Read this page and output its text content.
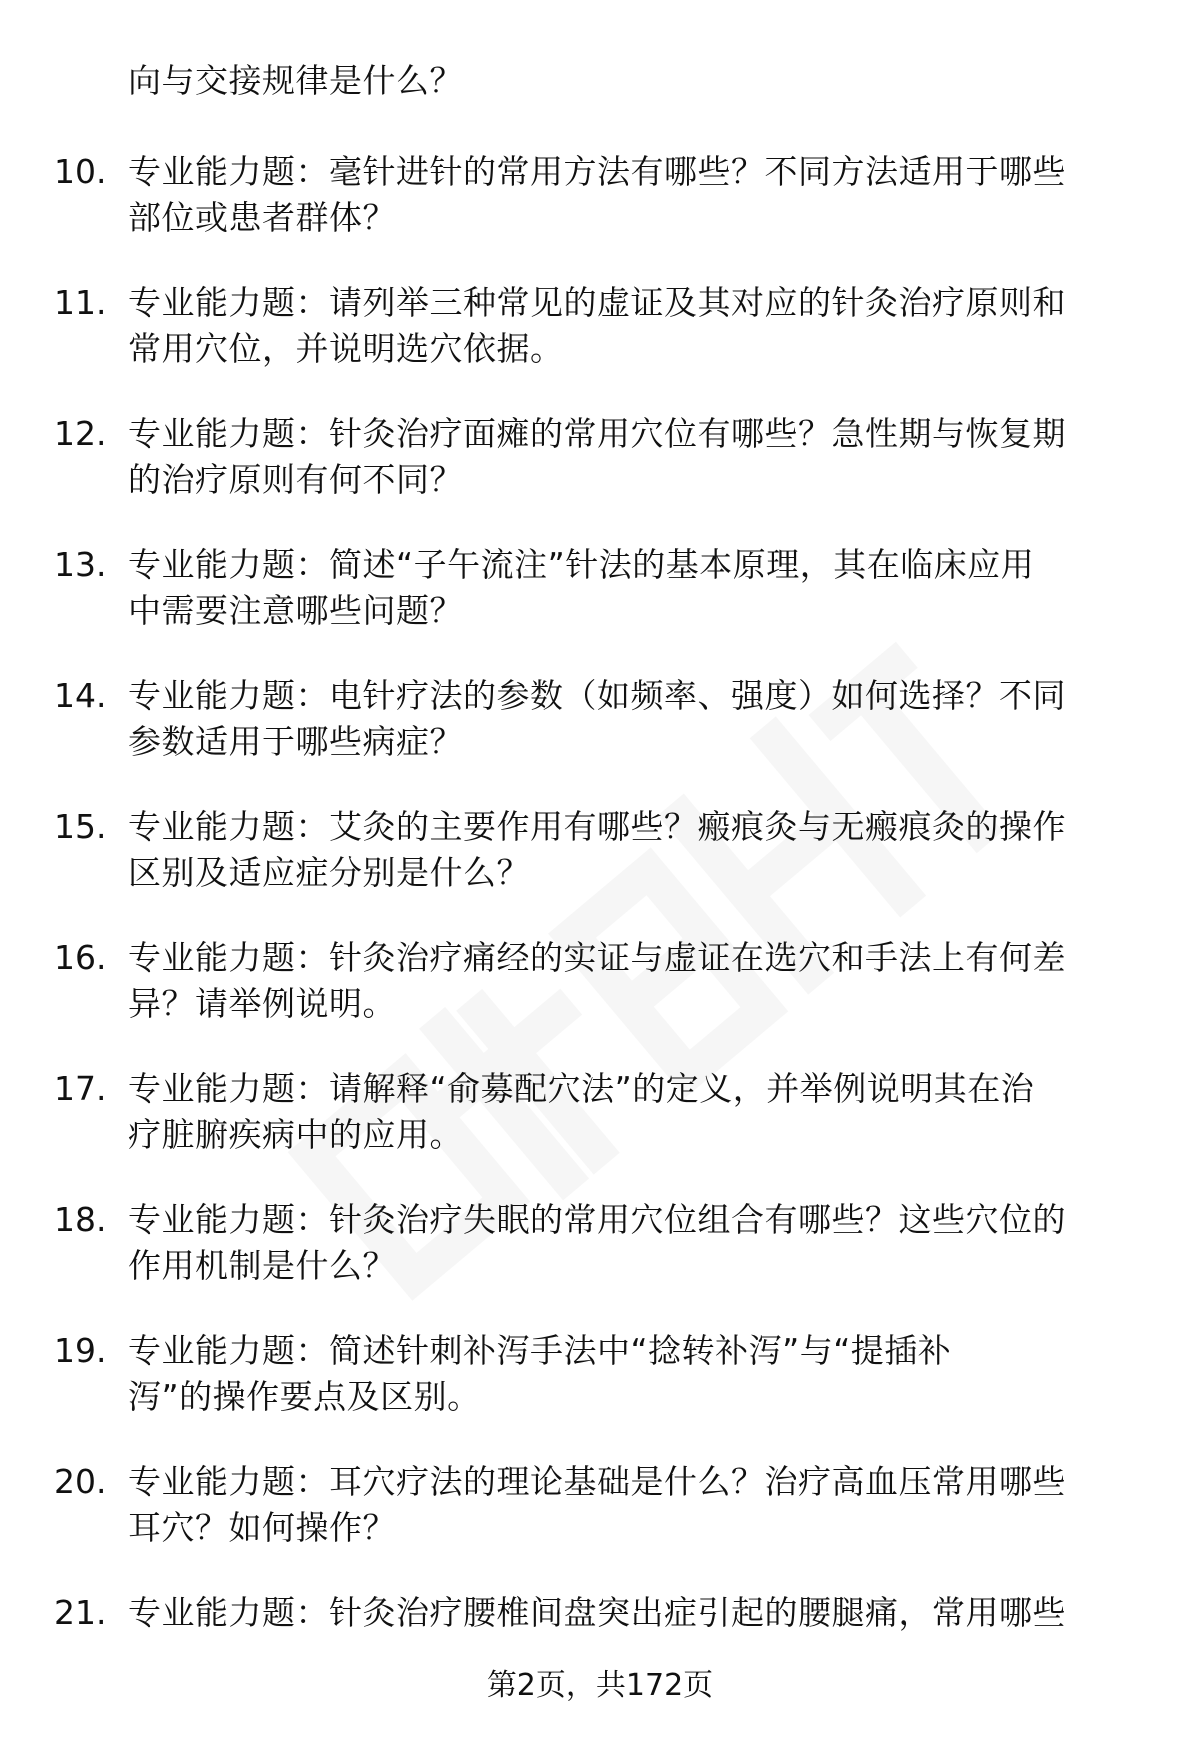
向与交接规律是什么？
10. 专业能力题：毫针进针的常用方法有哪些？不同方法适用于哪些
部位或患者群体？
11. 专业能力题：请列举三种常见的虚证及其对应的针灸治疗原则和
常用穴位，并说明选穴依据。
12. 专业能力题：针灸治疗面瘫的常用穴位有哪些？急性期与恢复期
的治疗原则有何不同？
13. 专业能力题：简述“子午流注”针法的基本原理，其在临床应用
中需要注意哪些问题？
14. 专业能力题：电针疗法的参数（如频率、强度）如何选择？不同
参数适用于哪些病症？
15. 专业能力题：艾灸的主要作用有哪些？瘢痕灸与无瘢痕灸的操作
区别及适应症分别是什么？
16. 专业能力题：针灸治疗痛经的实证与虚证在选穴和手法上有何差
异？请举例说明。
17. 专业能力题：请解释“俞募配穴法”的定义，并举例说明其在治
疗脏腑疾病中的应用。
18. 专业能力题：针灸治疗失眠的常用穴位组合有哪些？这些穴位的
作用机制是什么？
19. 专业能力题：简述针刺补泻手法中“捻转补泻”与“提插补
泻”的操作要点及区别。
20. 专业能力题：耳穴疗法的理论基础是什么？治疗高血压常用哪些
耳穴？如何操作？
21. 专业能力题：针灸治疗腰椎间盘突出症引起的腰腿痛，常用哪些
第2页，共172页
